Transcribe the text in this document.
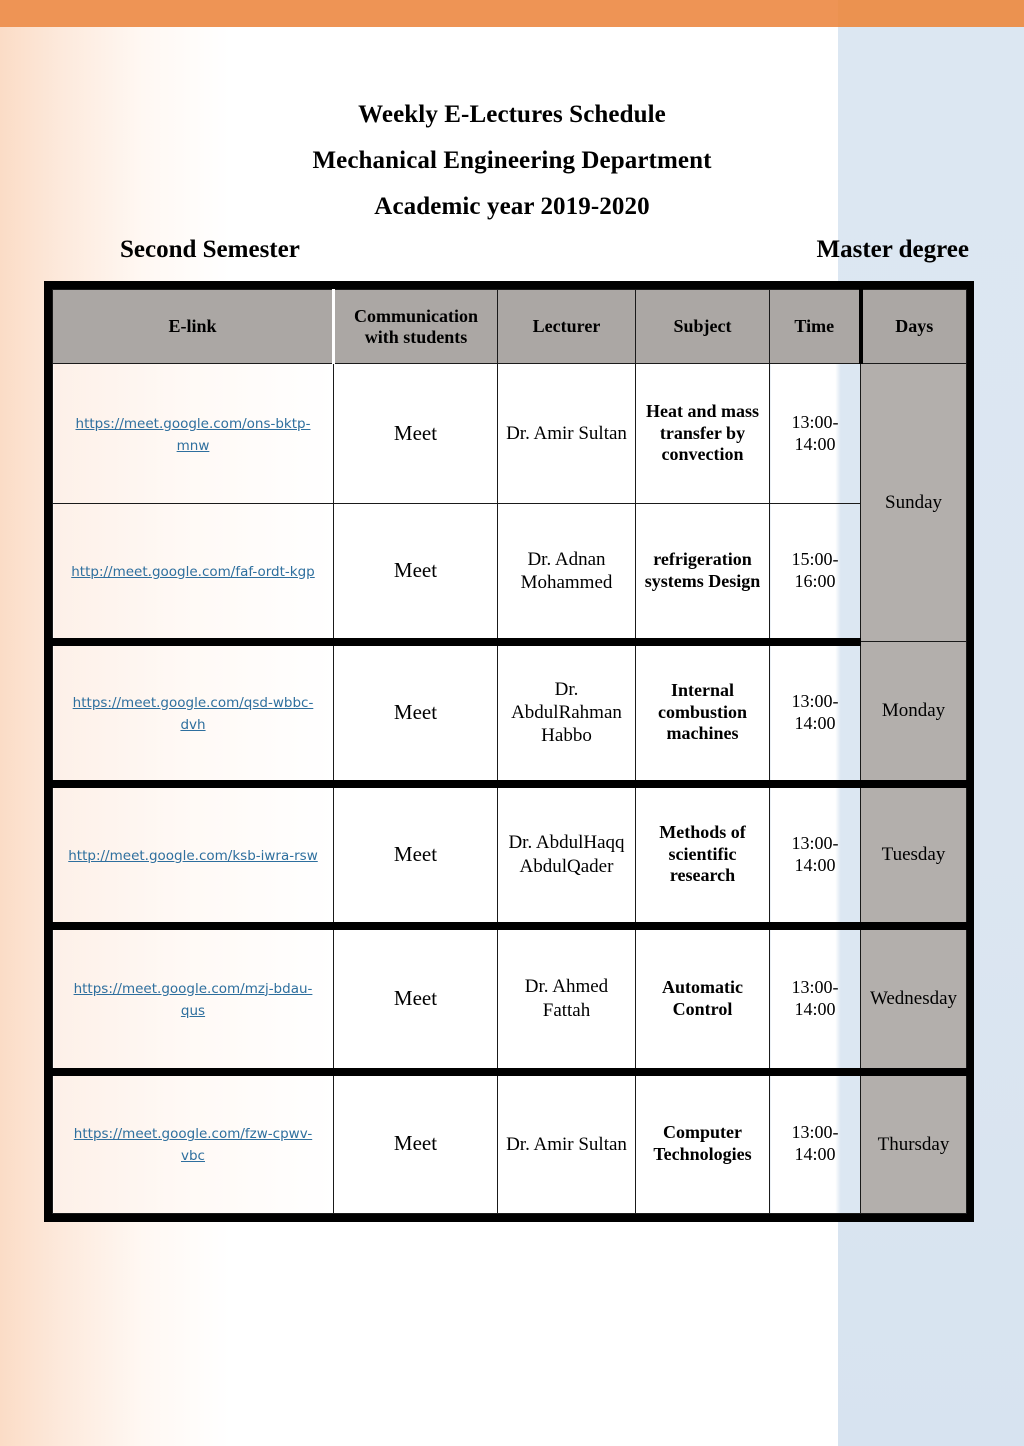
Weekly E-Lectures Schedule
Mechanical Engineering Department
Academic year 2019-2020
Second Semester	Master degree
E-link	Communication with students	Lecturer	Subject	Time	Days
https://meet.google.com/ons-bktp-mnw	Meet	Dr. Amir Sultan	Heat and mass transfer by convection	13:00-14:00	Sunday
http://meet.google.com/faf-ordt-kgp	Meet	Dr. Adnan Mohammed	refrigeration systems Design	15:00-16:00	
https://meet.google.com/qsd-wbbc-dvh	Meet	Dr. AbdulRahman Habbo	Internal combustion machines	13:00-14:00	Monday
http://meet.google.com/ksb-iwra-rsw	Meet	Dr. AbdulHaqq AbdulQader	Methods of scientific research	13:00-14:00	Tuesday
https://meet.google.com/mzj-bdau-qus	Meet	Dr. Ahmed Fattah	Automatic Control	13:00-14:00	Wednesday
https://meet.google.com/fzw-cpwv-vbc	Meet	Dr. Amir Sultan	Computer Technologies	13:00-14:00	Thursday
